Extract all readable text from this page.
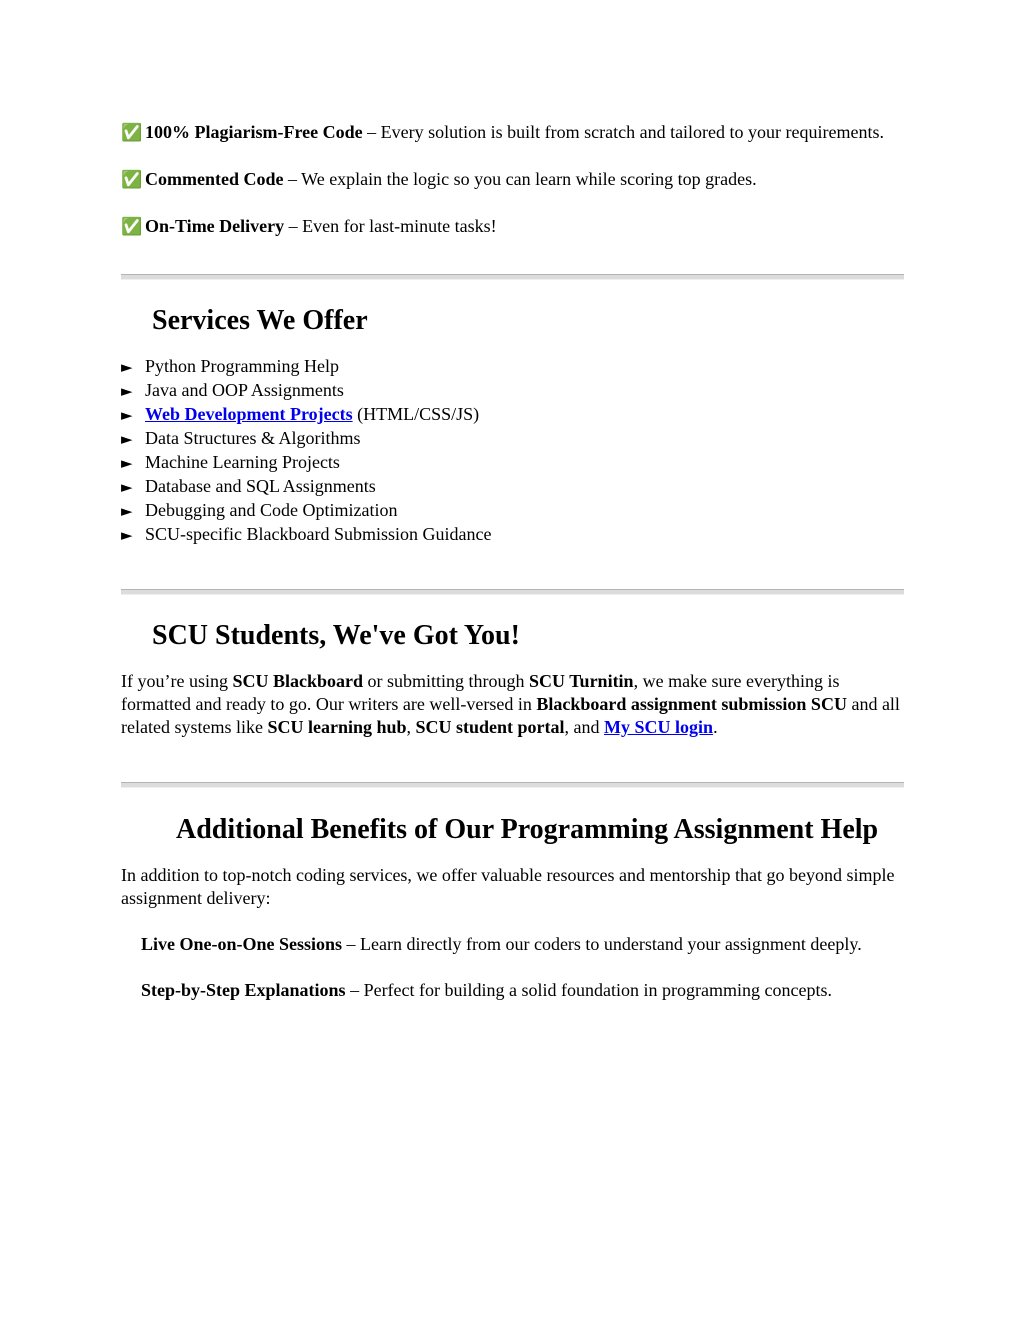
✅ 100% Plagiarism-Free Code – Every solution is built from scratch and tailored to your requirements.

✅ Commented Code – We explain the logic so you can learn while scoring top grades.

✅ On-Time Delivery – Even for last-minute tasks!

Services We Offer
► Python Programming Help
► Java and OOP Assignments
► Web Development Projects (HTML/CSS/JS)
► Data Structures & Algorithms
► Machine Learning Projects
► Database and SQL Assignments
► Debugging and Code Optimization
► SCU-specific Blackboard Submission Guidance
SCU Students, We've Got You!

If you’re using SCU Blackboard or submitting through SCU Turnitin, we make sure everything is formatted and ready to go. Our writers are well-versed in Blackboard assignment submission SCU and all related systems like SCU learning hub, SCU student portal, and My SCU login.

Additional Benefits of Our Programming Assignment Help

In addition to top-notch coding services, we offer valuable resources and mentorship that go beyond simple assignment delivery:

Live One-on-One Sessions – Learn directly from our coders to understand your assignment deeply.

Step-by-Step Explanations – Perfect for building a solid foundation in programming concepts.
